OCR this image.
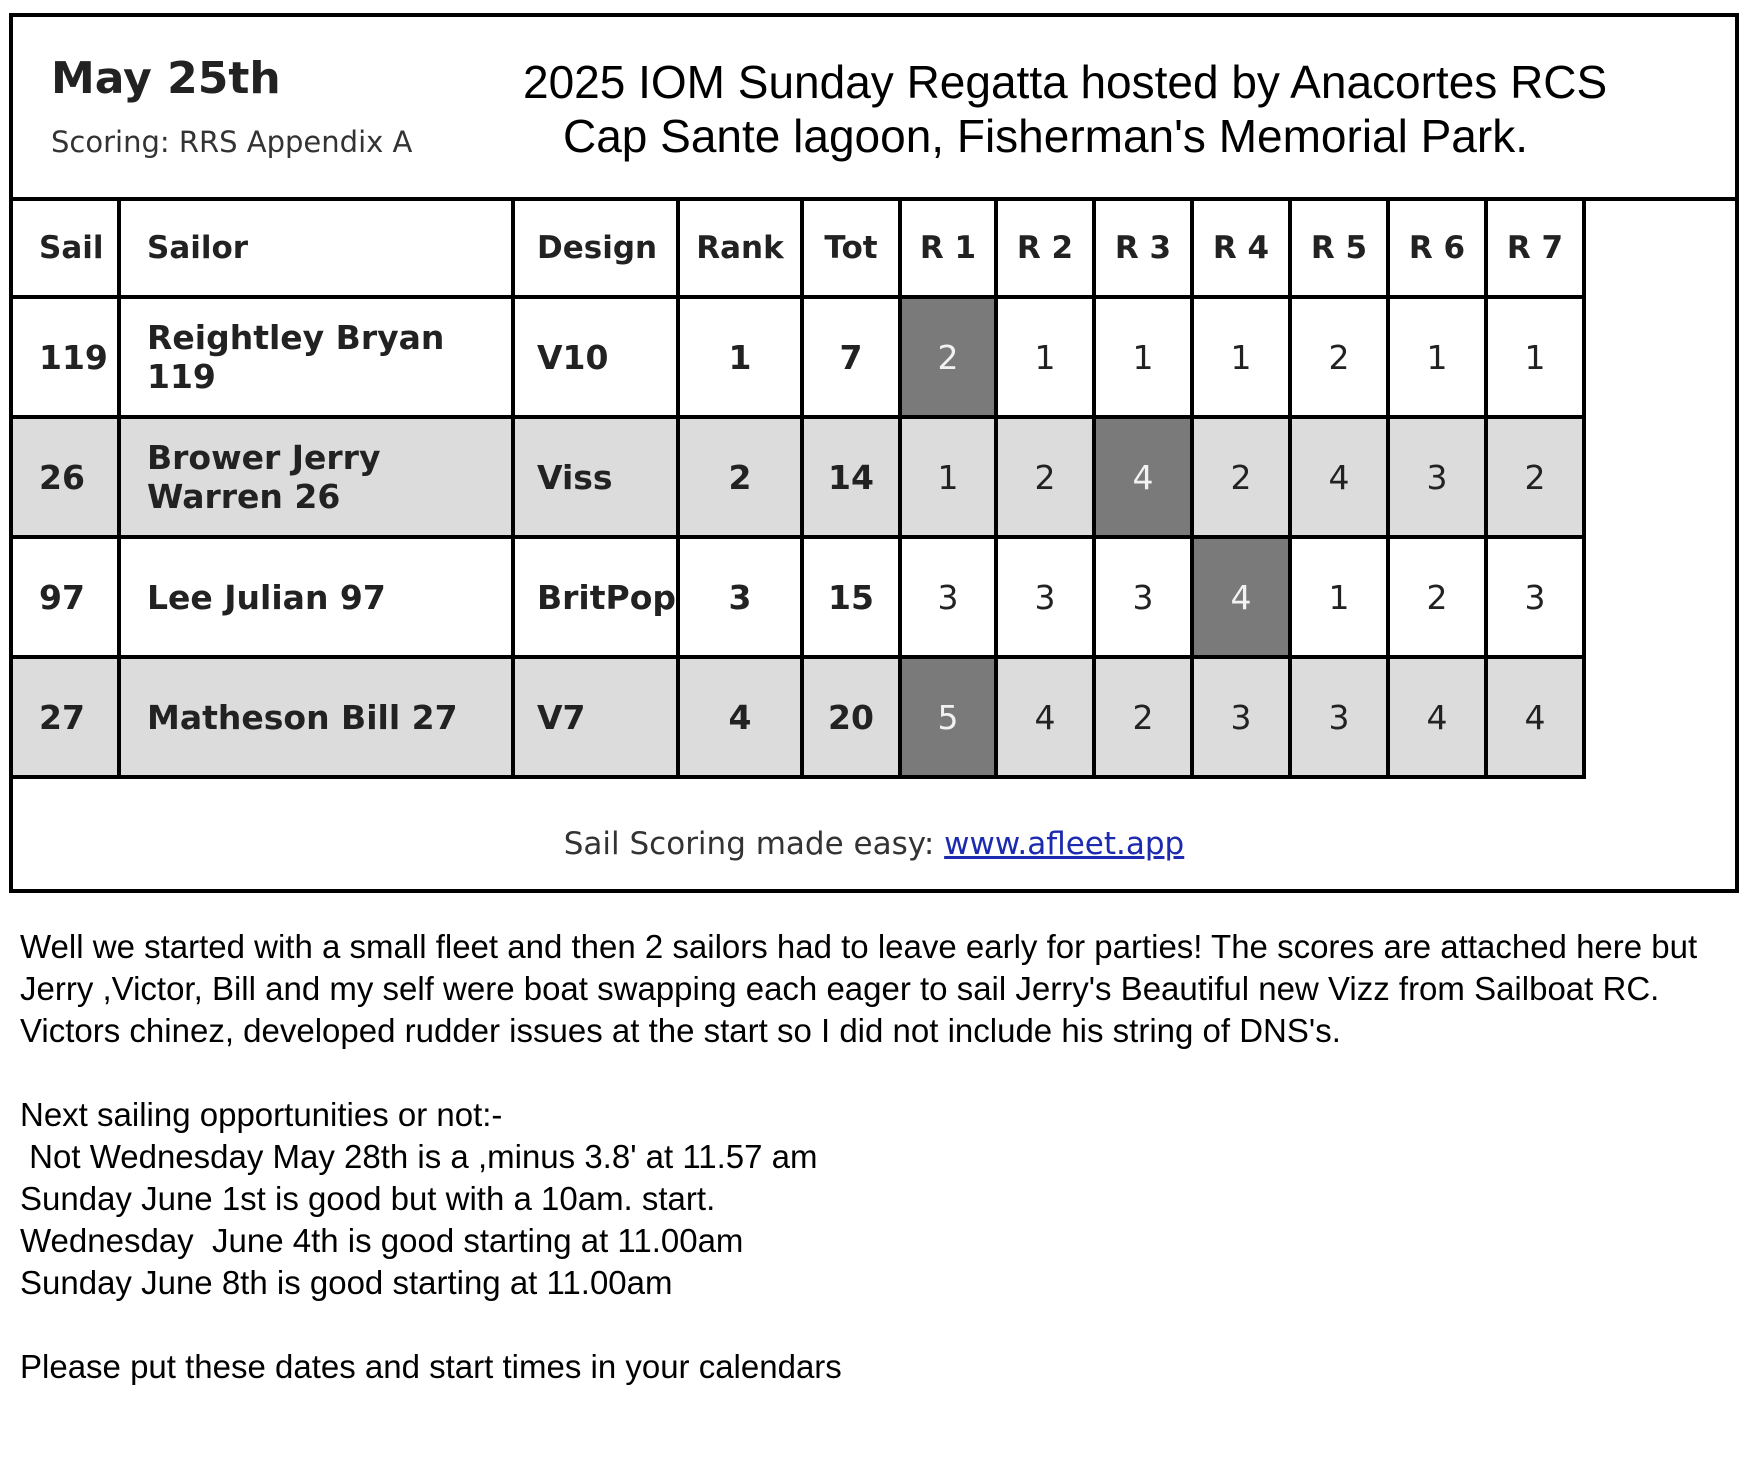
May 25th
Scoring: RRS Appendix A
2025 IOM Sunday Regatta hosted by Anacortes RCS
Cap Sante lagoon, Fisherman's Memorial Park.
Sail	Sailor	Design	Rank	Tot	R 1	R 2	R 3	R 4	R 5	R 6	R 7
119	Reightley Bryan 119	V10	1	7	2	1	1	1	2	1	1
26	Brower Jerry Warren 26	Viss	2	14	1	2	4	2	4	3	2
97	Lee Julian 97	BritPop	3	15	3	3	3	4	1	2	3
27	Matheson Bill 27	V7	4	20	5	4	2	3	3	4	4
Sail Scoring made easy: www.afleet.app

Well we started with a small fleet and then 2 sailors had to leave early for parties! The scores are attached here but Jerry ,Victor, Bill and my self were boat swapping each eager to sail Jerry's Beautiful new Vizz from Sailboat RC. Victors chinez, developed rudder issues at the start so I did not include his string of DNS's.

Next sailing opportunities or not:-

Not Wednesday May 28th is a ,minus 3.8' at 11.57 am

Sunday June 1st is good but with a 10am. start.

Wednesday  June 4th is good starting at 11.00am

Sunday June 8th is good starting at 11.00am

Please put these dates and start times in your calendars
